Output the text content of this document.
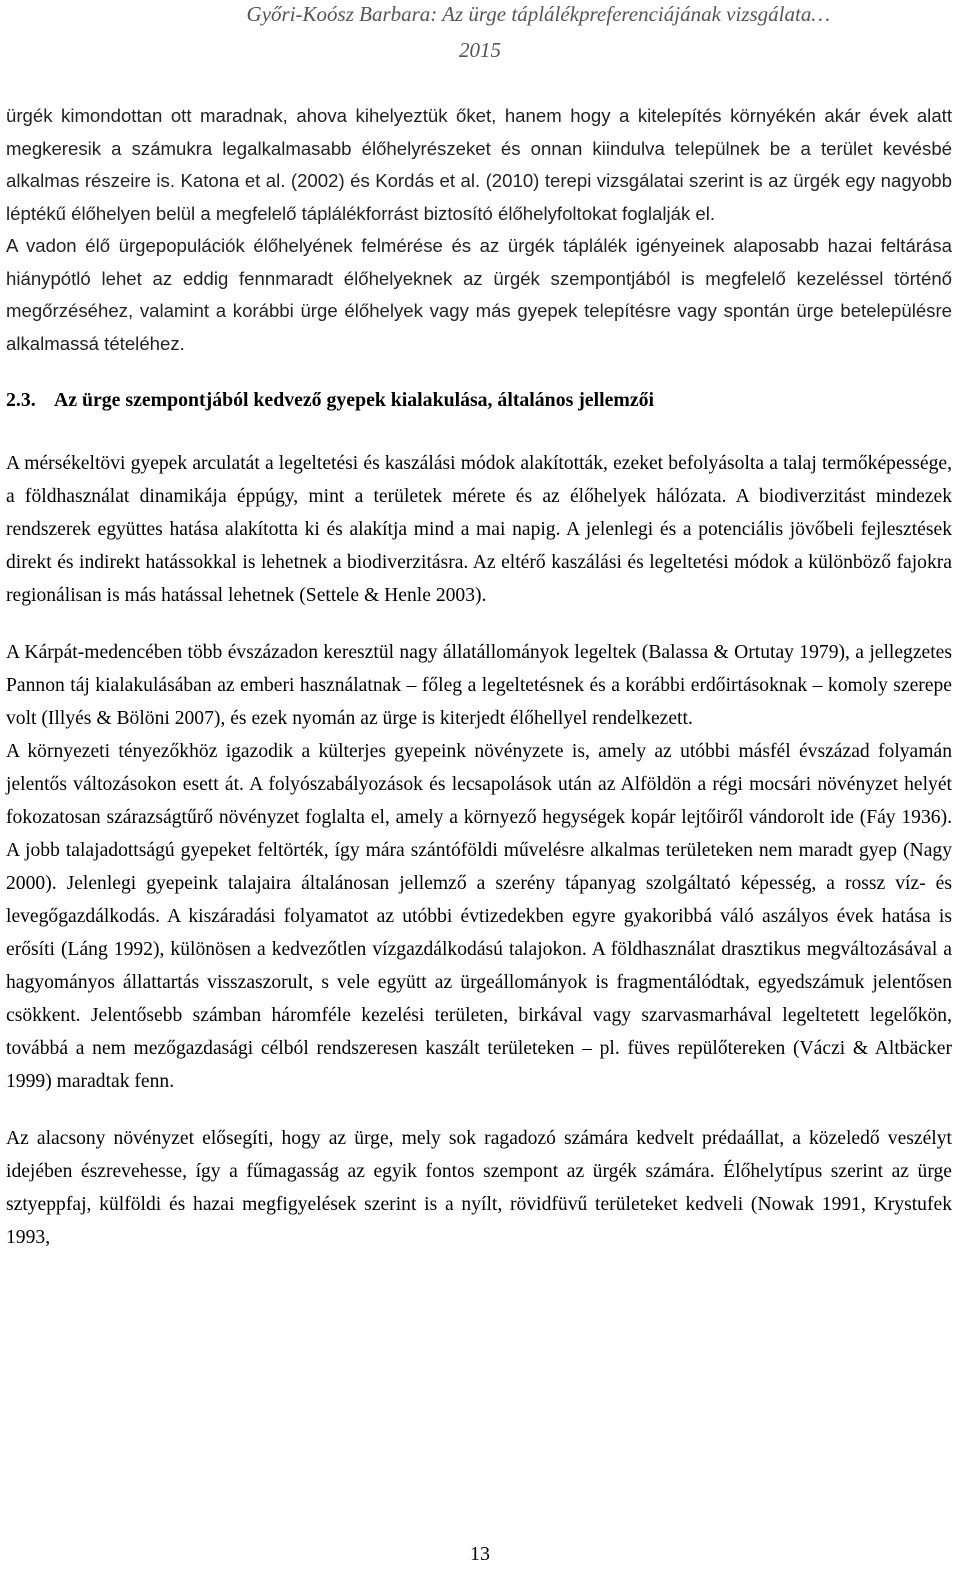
Győri-Koósz Barbara: Az ürge táplálékpreferenciájának vizsgálata…
2015

ürgék kimondottan ott maradnak, ahova kihelyeztük őket, hanem hogy a kitelepítés környékén akár évek alatt megkeresik a számukra legalkalmasabb élőhelyrészeket és onnan kiindulva települnek be a terület kevésbé alkalmas részeire is. Katona et al. (2002) és Kordás et al. (2010) terepi vizsgálatai szerint is az ürgék egy nagyobb léptékű élőhelyen belül a megfelelő táplálékforrást biztosító élőhelyfoltokat foglalják el.

A vadon élő ürgepopulációk élőhelyének felmérése és az ürgék táplálék igényeinek alaposabb hazai feltárása hiánypótló lehet az eddig fennmaradt élőhelyeknek az ürgék szempontjából is megfelelő kezeléssel történő megőrzéséhez, valamint a korábbi ürge élőhelyek vagy más gyepek telepítésre vagy spontán ürge betelepülésre alkalmassá tételéhez.

2.3. Az ürge szempontjából kedvező gyepek kialakulása, általános jellemzői

A mérsékeltövi gyepek arculatát a legeltetési és kaszálási módok alakították, ezeket befolyásolta a talaj termőképessége, a földhasználat dinamikája éppúgy, mint a területek mérete és az élőhelyek hálózata. A biodiverzitást mindezek rendszerek együttes hatása alakította ki és alakítja mind a mai napig. A jelenlegi és a potenciális jövőbeli fejlesztések direkt és indirekt hatássokkal is lehetnek a biodiverzitásra. Az eltérő kaszálási és legeltetési módok a különböző fajokra regionálisan is más hatással lehetnek (Settele & Henle 2003).

A Kárpát-medencében több évszázadon keresztül nagy állatállományok legeltek (Balassa & Ortutay 1979), a jellegzetes Pannon táj kialakulásában az emberi használatnak – főleg a legeltetésnek és a korábbi erdőirtásoknak – komoly szerepe volt (Illyés & Bölöni 2007), és ezek nyomán az ürge is kiterjedt élőhellyel rendelkezett.

A környezeti tényezőkhöz igazodik a külterjes gyepeink növényzete is, amely az utóbbi másfél évszázad folyamán jelentős változásokon esett át. A folyószabályozások és lecsapolások után az Alföldön a régi mocsári növényzet helyét fokozatosan szárazságtűrő növényzet foglalta el, amely a környező hegységek kopár lejtőiről vándorolt ide (Fáy 1936). A jobb talajadottságú gyepeket feltörték, így mára szántóföldi művelésre alkalmas területeken nem maradt gyep (Nagy 2000). Jelenlegi gyepeink talajaira általánosan jellemző a szerény tápanyag szolgáltató képesség, a rossz víz- és levegőgazdálkodás. A kiszáradási folyamatot az utóbbi évtizedekben egyre gyakoribbá váló aszályos évek hatása is erősíti (Láng 1992), különösen a kedvezőtlen vízgazdálkodású talajokon. A földhasználat drasztikus megváltozásával a hagyományos állattartás visszaszorult, s vele együtt az ürgeállományok is fragmentálódtak, egyedszámuk jelentősen csökkent. Jelentősebb számban háromféle kezelési területen, birkával vagy szarvasmarhával legeltetett legelőkön, továbbá a nem mezőgazdasági célból rendszeresen kaszált területeken – pl. füves repülőtereken (Váczi & Altbäcker 1999) maradtak fenn.

Az alacsony növényzet elősegíti, hogy az ürge, mely sok ragadozó számára kedvelt prédaállat, a közeledő veszélyt idejében észrevehesse, így a fűmagasság az egyik fontos szempont az ürgék számára. Élőhelytípus szerint az ürge sztyeppfaj, külföldi és hazai megfigyelések szerint is a nyílt, rövidfüvű területeket kedveli (Nowak 1991, Krystufek 1993,

13
